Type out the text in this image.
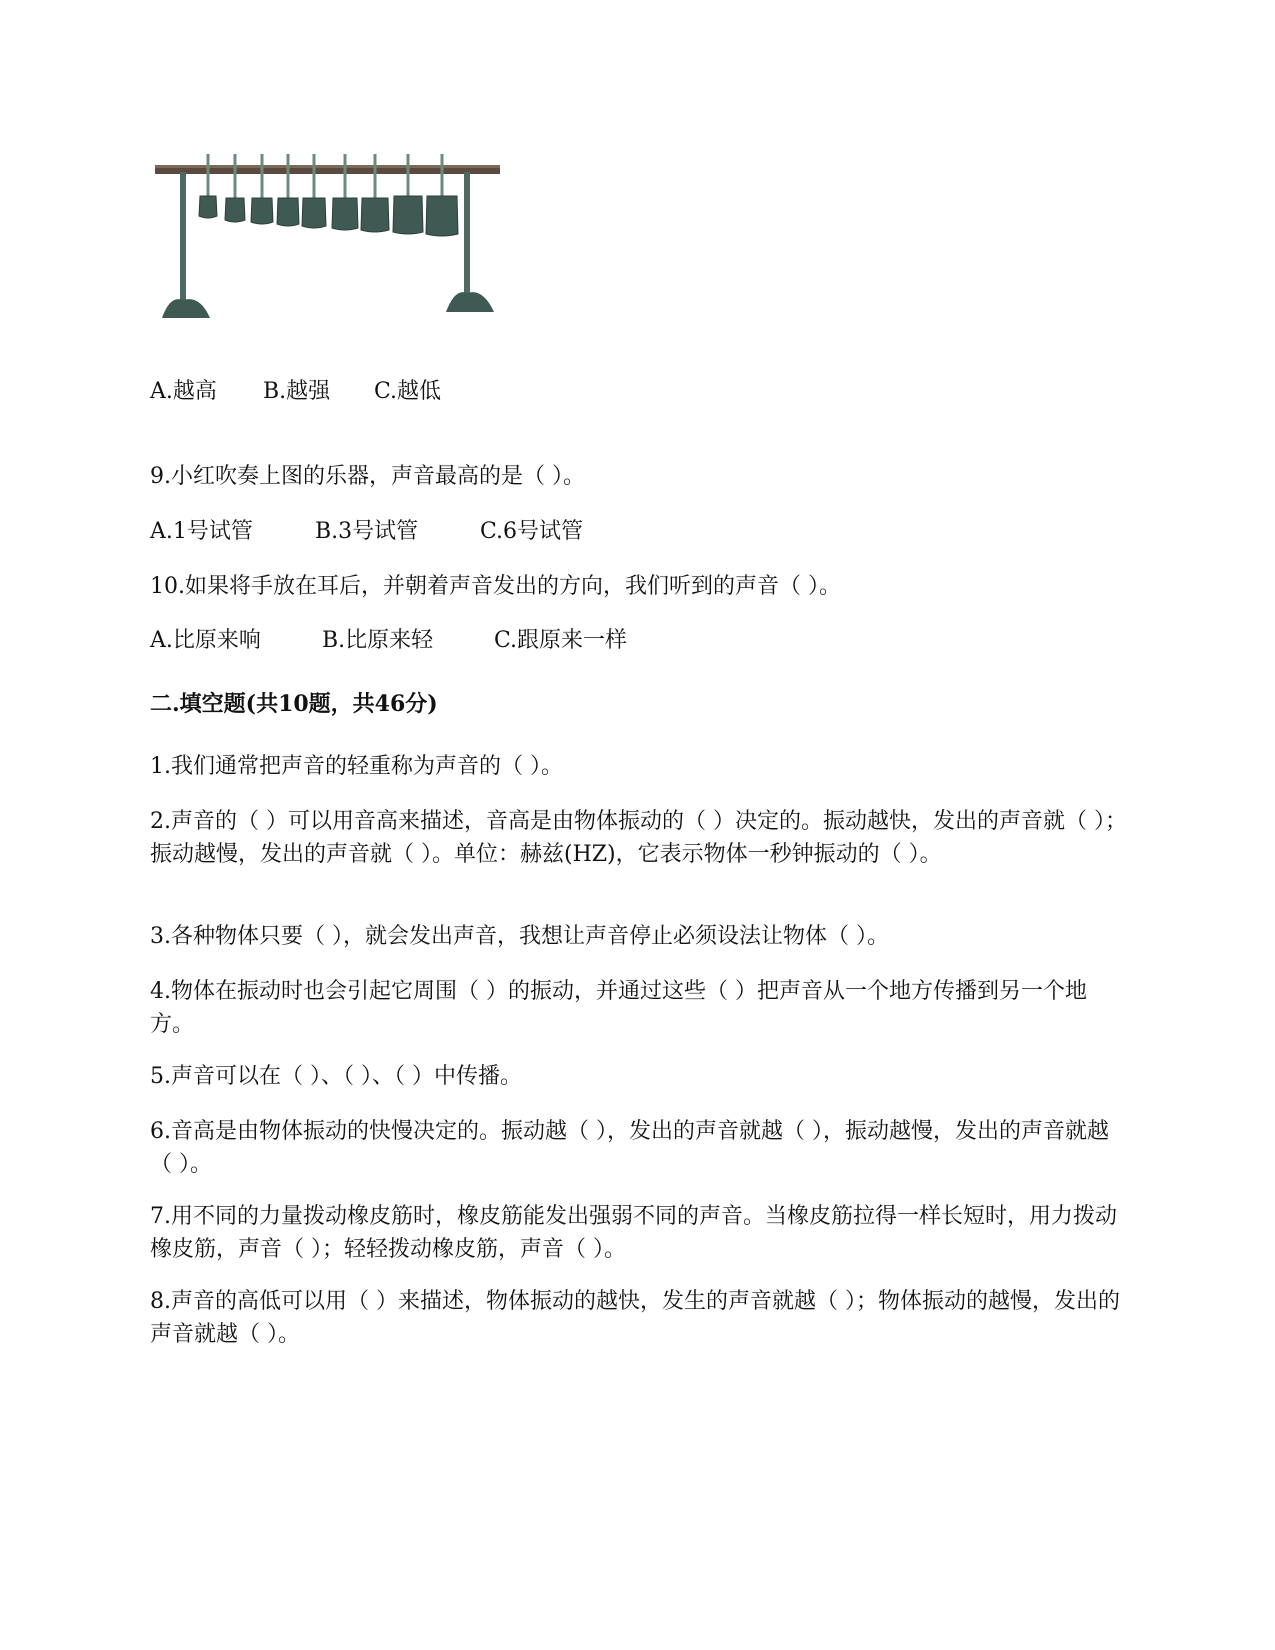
A.越高 B.越强 C.越低
9.小红吹奏上图的乐器，声音最高的是（ ）。
A.1号试管	B.3号试管	C.6号试管
10.如果将手放在耳后，并朝着声音发出的方向，我们听到的声音（ ）。
A.比原来响	B.比原来轻	C.跟原来一样
二.填空题(共10题，共46分)
1.我们通常把声音的轻重称为声音的（ ）。
2.声音的（ ）可以用音高来描述，音高是由物体振动的（ ）决定的。振动越快，发出的声音就（ ）；振动越慢，发出的声音就（ ）。单位：赫兹(HZ)，它表示物体一秒钟振动的（ ）。
3.各种物体只要（ ），就会发出声音，我想让声音停止必须设法让物体（ ）。
4.物体在振动时也会引起它周围（ ）的振动，并通过这些（ ）把声音从一个地方传播到另一个地方。
5.声音可以在（ ）、（ ）、（ ）中传播。
6.音高是由物体振动的快慢决定的。振动越（ ），发出的声音就越（ ），振动越慢，发出的声音就越（ ）。
7.用不同的力量拨动橡皮筋时，橡皮筋能发出强弱不同的声音。当橡皮筋拉得一样长短时，用力拨动橡皮筋，声音（ ）；轻轻拨动橡皮筋，声音（ ）。
8.声音的高低可以用（ ）来描述，物体振动的越快，发生的声音就越（ ）；物体振动的越慢，发出的声音就越（ ）。
